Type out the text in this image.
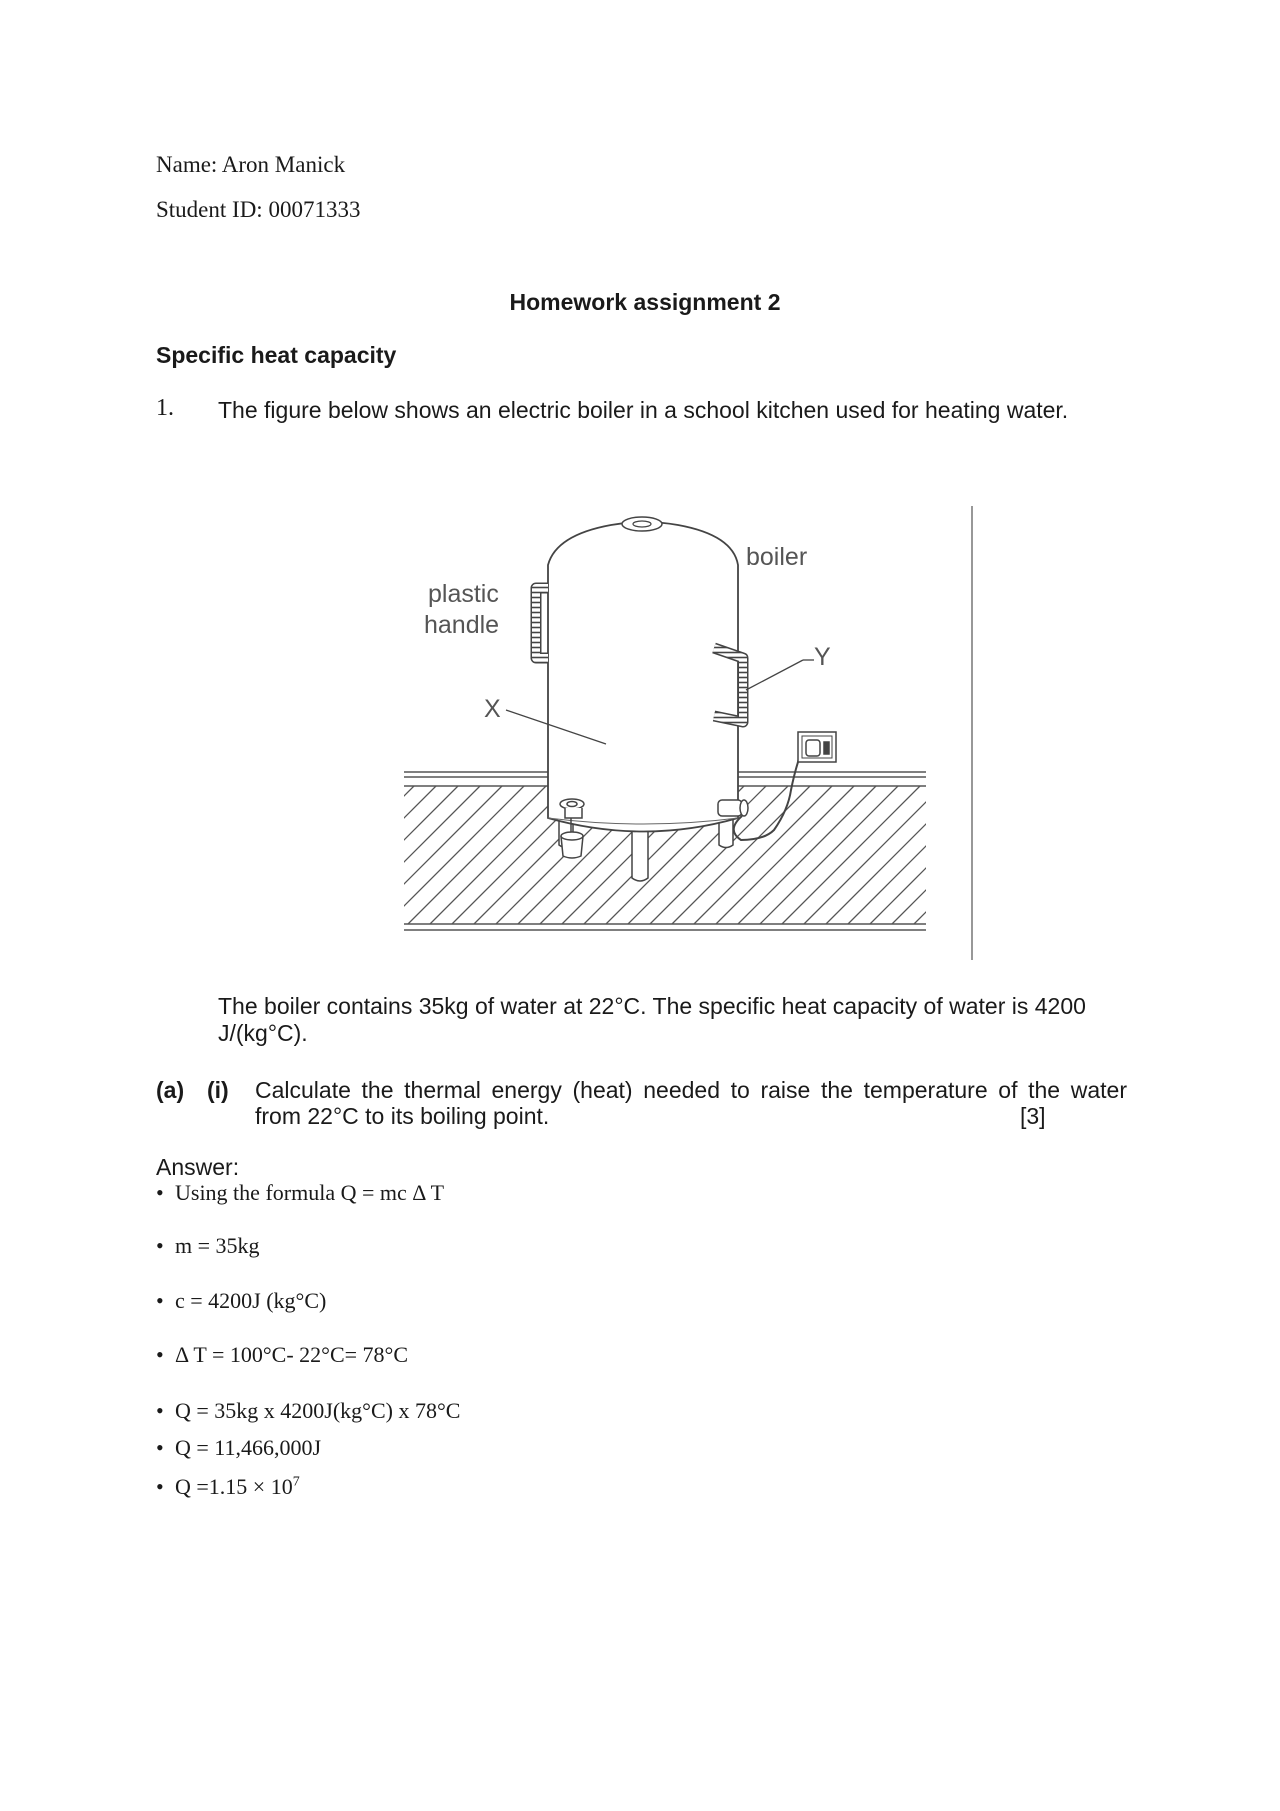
Name: Aron Manick
Student ID: 00071333
Homework assignment 2
Specific heat capacity
1. The figure below shows an electric boiler in a school kitchen used for heating water.
plastic
handle
boiler
X
Y
The boiler contains 35kg of water at 22°C. The specific heat capacity of water is 4200 J/(kg°C).
(a) (i) Calculate the thermal energy (heat) needed to raise the temperature of the water from 22°C to its boiling point.	[3]
Answer:
• Using the formula Q = mc Δ T
• m = 35kg
• c = 4200J (kg°C)
• Δ T = 100°C- 22°C= 78°C
• Q = 35kg x 4200J(kg°C) x 78°C
• Q = 11,466,000J
• $Q =1.15 \times 10^7$
